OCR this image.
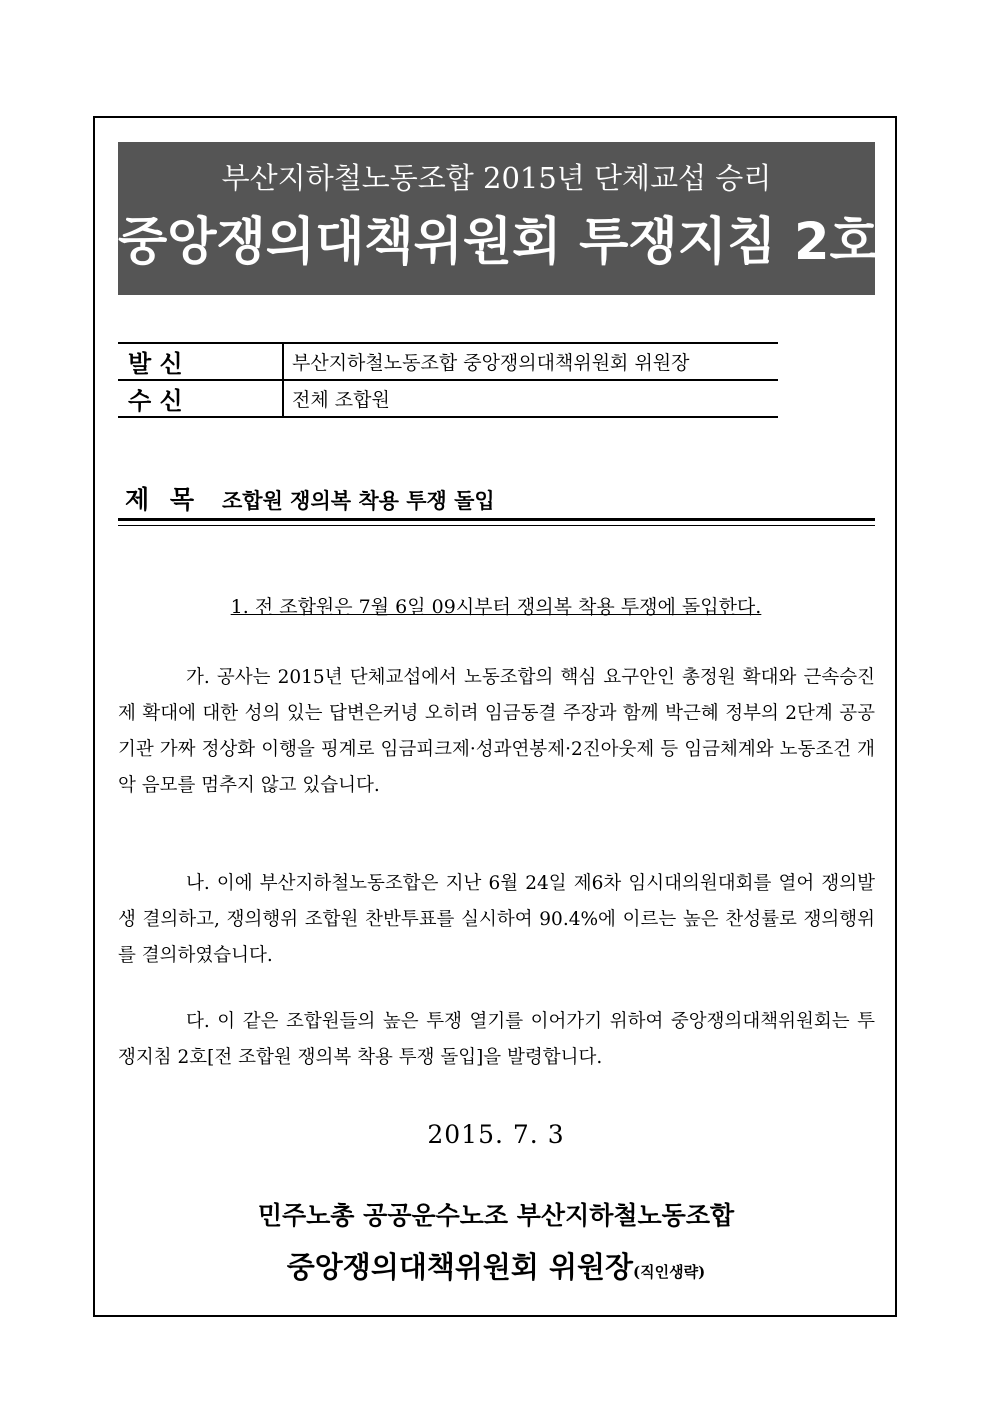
부산지하철노동조합 2015년 단체교섭 승리
중앙쟁의대책위원회 투쟁지침 2호
발 신	부산지하철노동조합 중앙쟁의대책위원회 위원장
수 신	전체 조합원
제 목 조합원 쟁의복 착용 투쟁 돌입
1. 전 조합원은 7월 6일 09시부터 쟁의복 착용 투쟁에 돌입한다.

가. 공사는 2015년 단체교섭에서 노동조합의 핵심 요구안인 총정원 확대와 근속승진제 확대에 대한 성의 있는 답변은커녕 오히려 임금동결 주장과 함께 박근혜 정부의 2단계 공공기관 가짜 정상화 이행을 핑계로 임금피크제·성과연봉제·2진아웃제 등 임금체계와 노동조건 개악 음모를 멈추지 않고 있습니다.

나. 이에 부산지하철노동조합은 지난 6월 24일 제6차 임시대의원대회를 열어 쟁의발생 결의하고, 쟁의행위 조합원 찬반투표를 실시하여 90.4%에 이르는 높은 찬성률로 쟁의행위를 결의하였습니다.

다. 이 같은 조합원들의 높은 투쟁 열기를 이어가기 위하여 중앙쟁의대책위원회는 투쟁지침 2호[전 조합원 쟁의복 착용 투쟁 돌입]을 발령합니다.

2015. 7. 3
민주노총 공공운수노조 부산지하철노동조합
중앙쟁의대책위원회 위원장(직인생략)
